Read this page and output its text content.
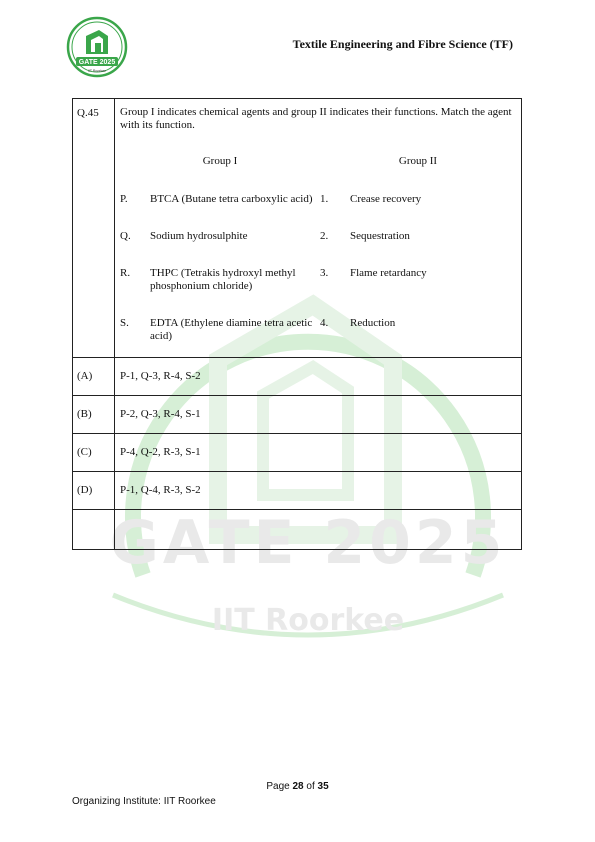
GATE 2025
IIT Roorkee
Textile Engineering and Fibre Science (TF)
GATE 2025
IIT Roorkee
Q.45	Group I indicates chemical agents and group II indicates their functions. Match the agent with its function.
Group I	Group II
P.	BTCA (Butane tetra carboxylic acid)	1.	Crease recovery
Q.	Sodium hydrosulphite	2.	Sequestration
R.	THPC (Tetrakis hydroxyl methyl phosphonium chloride)	3.	Flame retardancy
S.	EDTA (Ethylene diamine tetra acetic acid)	4.	Reduction

(A)	P-1, Q-3, R-4, S-2
(B)	P-2, Q-3, R-4, S-1
(C)	P-4, Q-2, R-3, S-1
(D)	P-1, Q-4, R-3, S-2

Page 28 of 35
Organizing Institute: IIT Roorkee
